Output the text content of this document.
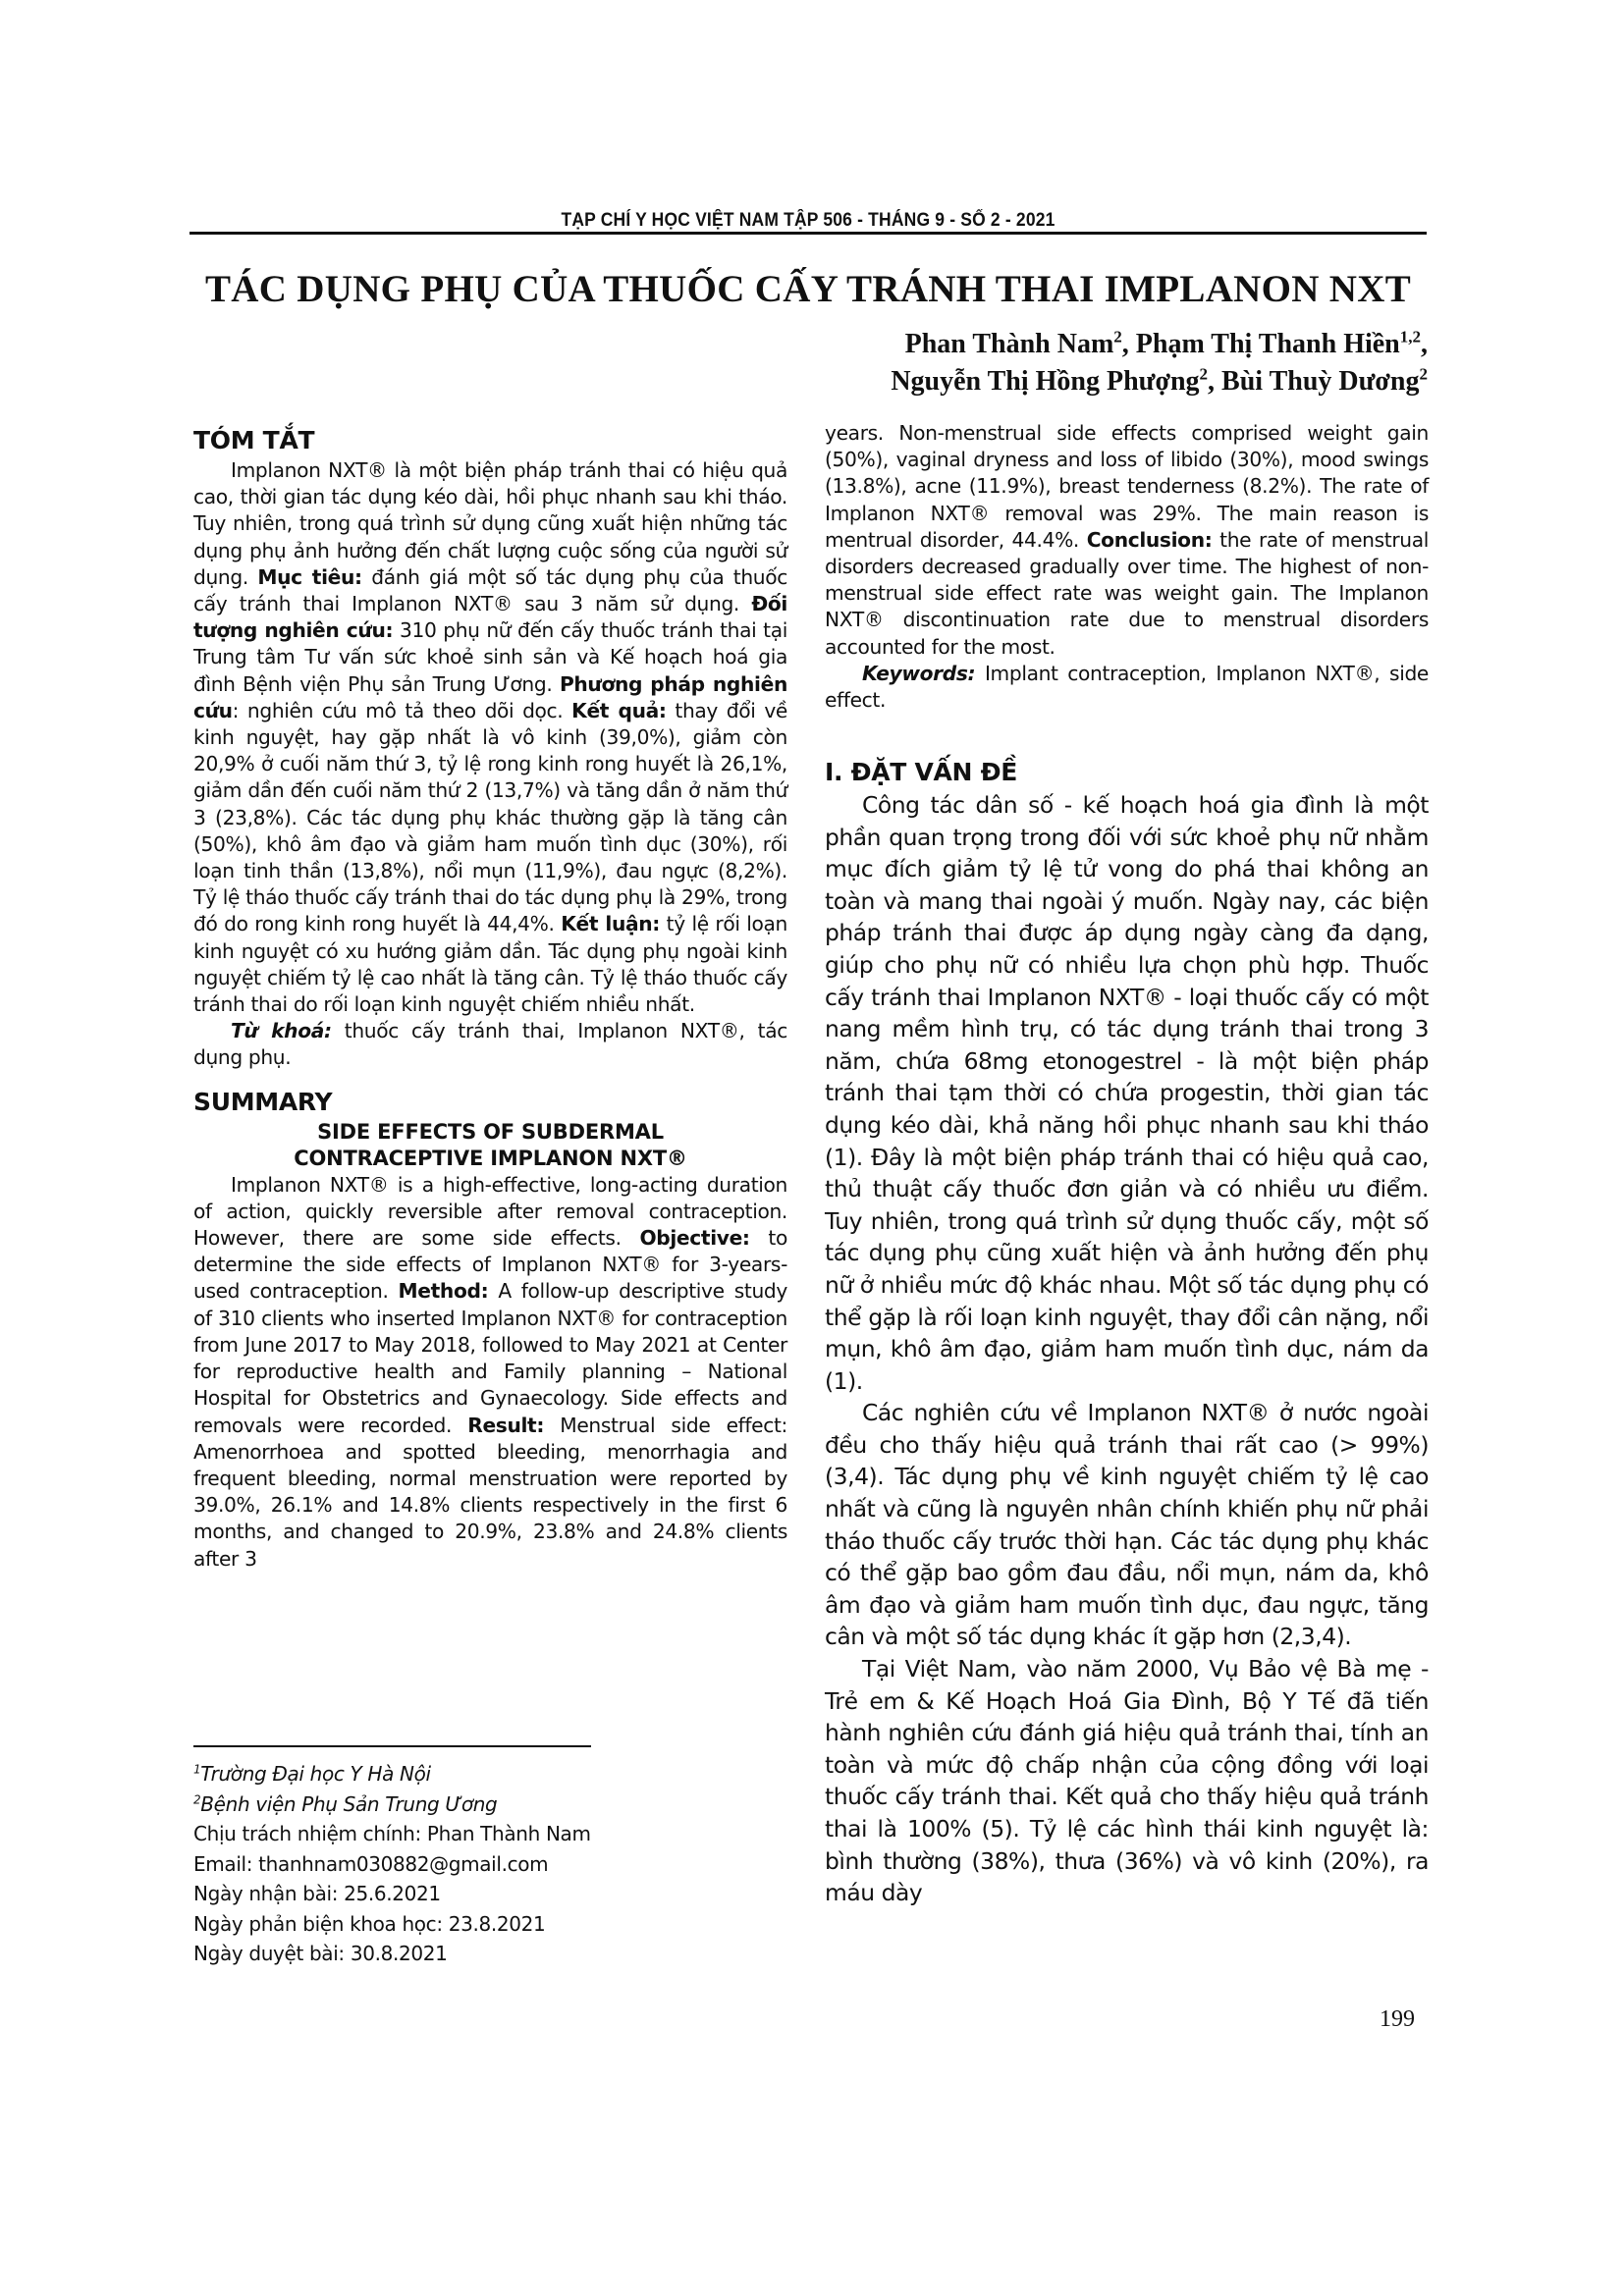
TẠP CHÍ Y HỌC VIỆT NAM TẬP 506 - THÁNG 9 - SỐ 2 - 2021
TÁC DỤNG PHỤ CỦA THUỐC CẤY TRÁNH THAI IMPLANON NXT
Phan Thành Nam$^2$, Phạm Thị Thanh Hiền$^{1,2}$,
Nguyễn Thị Hồng Phượng$^2$, Bùi Thuỳ Dương$^2$
TÓM TẮT

Implanon NXT® là một biện pháp tránh thai có hiệu quả cao, thời gian tác dụng kéo dài, hồi phục nhanh sau khi tháo. Tuy nhiên, trong quá trình sử dụng cũng xuất hiện những tác dụng phụ ảnh hưởng đến chất lượng cuộc sống của người sử dụng. Mục tiêu: đánh giá một số tác dụng phụ của thuốc cấy tránh thai Implanon NXT® sau 3 năm sử dụng. Đối tượng nghiên cứu: 310 phụ nữ đến cấy thuốc tránh thai tại Trung tâm Tư vấn sức khoẻ sinh sản và Kế hoạch hoá gia đình Bệnh viện Phụ sản Trung Ương. Phương pháp nghiên cứu: nghiên cứu mô tả theo dõi dọc. Kết quả: thay đổi về kinh nguyệt, hay gặp nhất là vô kinh (39,0%), giảm còn 20,9% ở cuối năm thứ 3, tỷ lệ rong kinh rong huyết là 26,1%, giảm dần đến cuối năm thứ 2 (13,7%) và tăng dần ở năm thứ 3 (23,8%). Các tác dụng phụ khác thường gặp là tăng cân (50%), khô âm đạo và giảm ham muốn tình dục (30%), rối loạn tinh thần (13,8%), nổi mụn (11,9%), đau ngực (8,2%). Tỷ lệ tháo thuốc cấy tránh thai do tác dụng phụ là 29%, trong đó do rong kinh rong huyết là 44,4%. Kết luận: tỷ lệ rối loạn kinh nguyệt có xu hướng giảm dần. Tác dụng phụ ngoài kinh nguyệt chiếm tỷ lệ cao nhất là tăng cân. Tỷ lệ tháo thuốc cấy tránh thai do rối loạn kinh nguyệt chiếm nhiều nhất.

Từ khoá: thuốc cấy tránh thai, Implanon NXT®, tác dụng phụ.

SUMMARY
SIDE EFFECTS OF SUBDERMAL
CONTRACEPTIVE IMPLANON NXT®

Implanon NXT® is a high-effective, long-acting duration of action, quickly reversible after removal contraception. However, there are some side effects. Objective: to determine the side effects of Implanon NXT® for 3-years-used contraception. Method: A follow-up descriptive study of 310 clients who inserted Implanon NXT® for contraception from June 2017 to May 2018, followed to May 2021 at Center for reproductive health and Family planning – National Hospital for Obstetrics and Gynaecology. Side effects and removals were recorded. Result: Menstrual side effect: Amenorrhoea and spotted bleeding, menorrhagia and frequent bleeding, normal menstruation were reported by 39.0%, 26.1% and 14.8% clients respectively in the first 6 months, and changed to 20.9%, 23.8% and 24.8% clients after 3

$^1$Trường Đại học Y Hà Nội
$^2$Bệnh viện Phụ Sản Trung Ương
Chịu trách nhiệm chính: Phan Thành Nam
Email: thanhnam030882@gmail.com
Ngày nhận bài: 25.6.2021
Ngày phản biện khoa học: 23.8.2021
Ngày duyệt bài: 30.8.2021

years. Non-menstrual side effects comprised weight gain (50%), vaginal dryness and loss of libido (30%), mood swings (13.8%), acne (11.9%), breast tenderness (8.2%). The rate of Implanon NXT® removal was 29%. The main reason is mentrual disorder, 44.4%. Conclusion: the rate of menstrual disorders decreased gradually over time. The highest of non-menstrual side effect rate was weight gain. The Implanon NXT® discontinuation rate due to menstrual disorders accounted for the most.

Keywords: Implant contraception, Implanon NXT®, side effect.

I. ĐẶT VẤN ĐỀ

Công tác dân số - kế hoạch hoá gia đình là một phần quan trọng trong đối với sức khoẻ phụ nữ nhằm mục đích giảm tỷ lệ tử vong do phá thai không an toàn và mang thai ngoài ý muốn. Ngày nay, các biện pháp tránh thai được áp dụng ngày càng đa dạng, giúp cho phụ nữ có nhiều lựa chọn phù hợp. Thuốc cấy tránh thai Implanon NXT® - loại thuốc cấy có một nang mềm hình trụ, có tác dụng tránh thai trong 3 năm, chứa 68mg etonogestrel - là một biện pháp tránh thai tạm thời có chứa progestin, thời gian tác dụng kéo dài, khả năng hồi phục nhanh sau khi tháo (1). Đây là một biện pháp tránh thai có hiệu quả cao, thủ thuật cấy thuốc đơn giản và có nhiều ưu điểm. Tuy nhiên, trong quá trình sử dụng thuốc cấy, một số tác dụng phụ cũng xuất hiện và ảnh hưởng đến phụ nữ ở nhiều mức độ khác nhau. Một số tác dụng phụ có thể gặp là rối loạn kinh nguyệt, thay đổi cân nặng, nổi mụn, khô âm đạo, giảm ham muốn tình dục, nám da (1).

Các nghiên cứu về Implanon NXT® ở nước ngoài đều cho thấy hiệu quả tránh thai rất cao (> 99%) (3,4). Tác dụng phụ về kinh nguyệt chiếm tỷ lệ cao nhất và cũng là nguyên nhân chính khiến phụ nữ phải tháo thuốc cấy trước thời hạn. Các tác dụng phụ khác có thể gặp bao gồm đau đầu, nổi mụn, nám da, khô âm đạo và giảm ham muốn tình dục, đau ngực, tăng cân và một số tác dụng khác ít gặp hơn (2,3,4).

Tại Việt Nam, vào năm 2000, Vụ Bảo vệ Bà mẹ - Trẻ em & Kế Hoạch Hoá Gia Đình, Bộ Y Tế đã tiến hành nghiên cứu đánh giá hiệu quả tránh thai, tính an toàn và mức độ chấp nhận của cộng đồng với loại thuốc cấy tránh thai. Kết quả cho thấy hiệu quả tránh thai là 100% (5). Tỷ lệ các hình thái kinh nguyệt là: bình thường (38%), thưa (36%) và vô kinh (20%), ra máu dày

199
